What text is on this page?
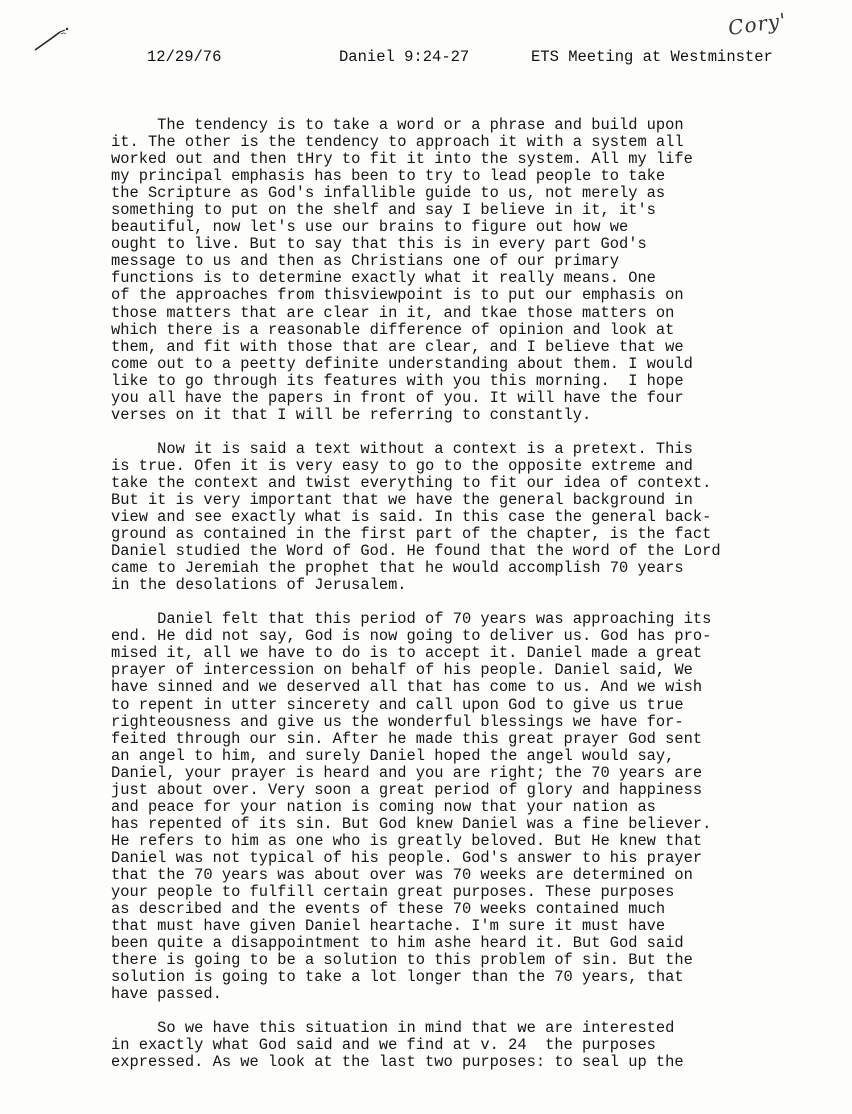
Cory'
12/29/76	Daniel 9:24-27	ETS Meeting at Westminster
The tendency is to take a word or a phrase and build upon
it. The other is the tendency to approach it with a system all
worked out and then tHry to fit it into the system. All my life
my principal emphasis has been to try to lead people to take
the Scripture as God's infallible guide to us, not merely as
something to put on the shelf and say I believe in it, it's
beautiful, now let's use our brains to figure out how we
ought to live. But to say that this is in every part God's
message to us and then as Christians one of our primary
functions is to determine exactly what it really means. One
of the approaches from thisviewpoint is to put our emphasis on
those matters that are clear in it, and tkae those matters on
which there is a reasonable difference of opinion and look at
them, and fit with those that are clear, and I believe that we
come out to a peetty definite understanding about them. I would
like to go through its features with you this morning.  I hope
you all have the papers in front of you. It will have the four
verses on it that I will be referring to constantly.
Now it is said a text without a context is a pretext. This
is true. Ofen it is very easy to go to the opposite extreme and
take the context and twist everything to fit our idea of context.
But it is very important that we have the general background in
view and see exactly what is said. In this case the general back-
ground as contained in the first part of the chapter, is the fact
Daniel studied the Word of God. He found that the word of the Lord
came to Jeremiah the prophet that he would accomplish 70 years
in the desolations of Jerusalem.
Daniel felt that this period of 70 years was approaching its
end. He did not say, God is now going to deliver us. God has pro-
mised it, all we have to do is to accept it. Daniel made a great
prayer of intercession on behalf of his people. Daniel said, We
have sinned and we deserved all that has come to us. And we wish
to repent in utter sincerety and call upon God to give us true
righteousness and give us the wonderful blessings we have for-
feited through our sin. After he made this great prayer God sent
an angel to him, and surely Daniel hoped the angel would say,
Daniel, your prayer is heard and you are right; the 70 years are
just about over. Very soon a great period of glory and happiness
and peace for your nation is coming now that your nation as
has repented of its sin. But God knew Daniel was a fine believer.
He refers to him as one who is greatly beloved. But He knew that
Daniel was not typical of his people. God's answer to his prayer
that the 70 years was about over was 70 weeks are determined on
your people to fulfill certain great purposes. These purposes
as described and the events of these 70 weeks contained much
that must have given Daniel heartache. I'm sure it must have
been quite a disappointment to him ashe heard it. But God said
there is going to be a solution to this problem of sin. But the
solution is going to take a lot longer than the 70 years, that
have passed.
So we have this situation in mind that we are interested
in exactly what God said and we find at v. 24  the purposes
expressed. As we look at the last two purposes: to seal up the
